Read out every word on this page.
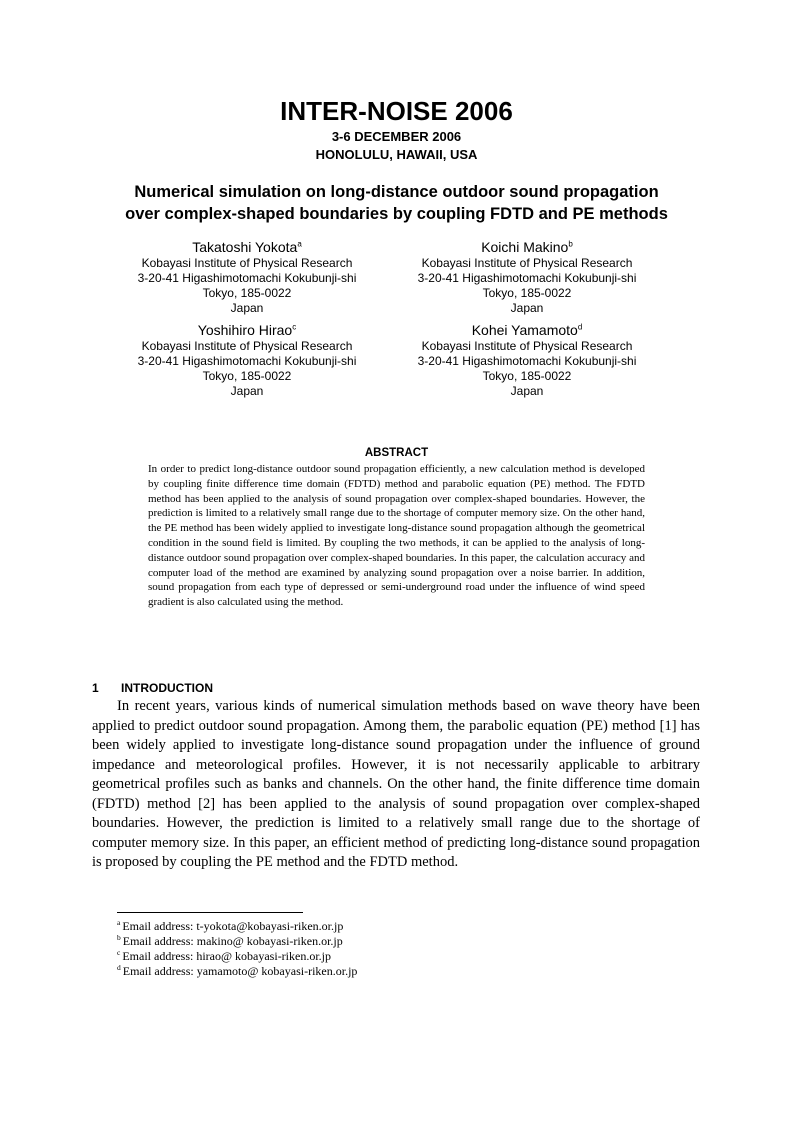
INTER-NOISE 2006
3-6 DECEMBER 2006
HONOLULU, HAWAII, USA
Numerical simulation on long-distance outdoor sound propagation
over complex-shaped boundaries by coupling FDTD and PE methods
Takatoshi Yokota$^a$
Kobayasi Institute of Physical Research
3-20-41 Higashimotomachi Kokubunji-shi
Tokyo, 185-0022
Japan
Koichi Makino$^b$
Kobayasi Institute of Physical Research
3-20-41 Higashimotomachi Kokubunji-shi
Tokyo, 185-0022
Japan
Yoshihiro Hirao$^c$
Kobayasi Institute of Physical Research
3-20-41 Higashimotomachi Kokubunji-shi
Tokyo, 185-0022
Japan
Kohei Yamamoto$^d$
Kobayasi Institute of Physical Research
3-20-41 Higashimotomachi Kokubunji-shi
Tokyo, 185-0022
Japan
ABSTRACT
In order to predict long-distance outdoor sound propagation efficiently, a new calculation method is developed by coupling finite difference time domain (FDTD) method and parabolic equation (PE) method. The FDTD method has been applied to the analysis of sound propagation over complex-shaped boundaries. However, the prediction is limited to a relatively small range due to the shortage of computer memory size. On the other hand, the PE method has been widely applied to investigate long-distance sound propagation although the geometrical condition in the sound field is limited. By coupling the two methods, it can be applied to the analysis of long-distance outdoor sound propagation over complex-shaped boundaries. In this paper, the calculation accuracy and computer load of the method are examined by analyzing sound propagation over a noise barrier. In addition, sound propagation from each type of depressed or semi-underground road under the influence of wind speed gradient is also calculated using the method.
1 INTRODUCTION
In recent years, various kinds of numerical simulation methods based on wave theory have been applied to predict outdoor sound propagation. Among them, the parabolic equation (PE) method [1] has been widely applied to investigate long-distance sound propagation under the influence of ground impedance and meteorological profiles. However, it is not necessarily applicable to arbitrary geometrical profiles such as banks and channels. On the other hand, the finite difference time domain (FDTD) method [2] has been applied to the analysis of sound propagation over complex-shaped boundaries. However, the prediction is limited to a relatively small range due to the shortage of computer memory size. In this paper, an efficient method of predicting long-distance sound propagation is proposed by coupling the PE method and the FDTD method.
$^a$ Email address: t-yokota@kobayasi-riken.or.jp
$^b$ Email address: makino@ kobayasi-riken.or.jp
$^c$ Email address: hirao@ kobayasi-riken.or.jp
$^d$ Email address: yamamoto@ kobayasi-riken.or.jp
